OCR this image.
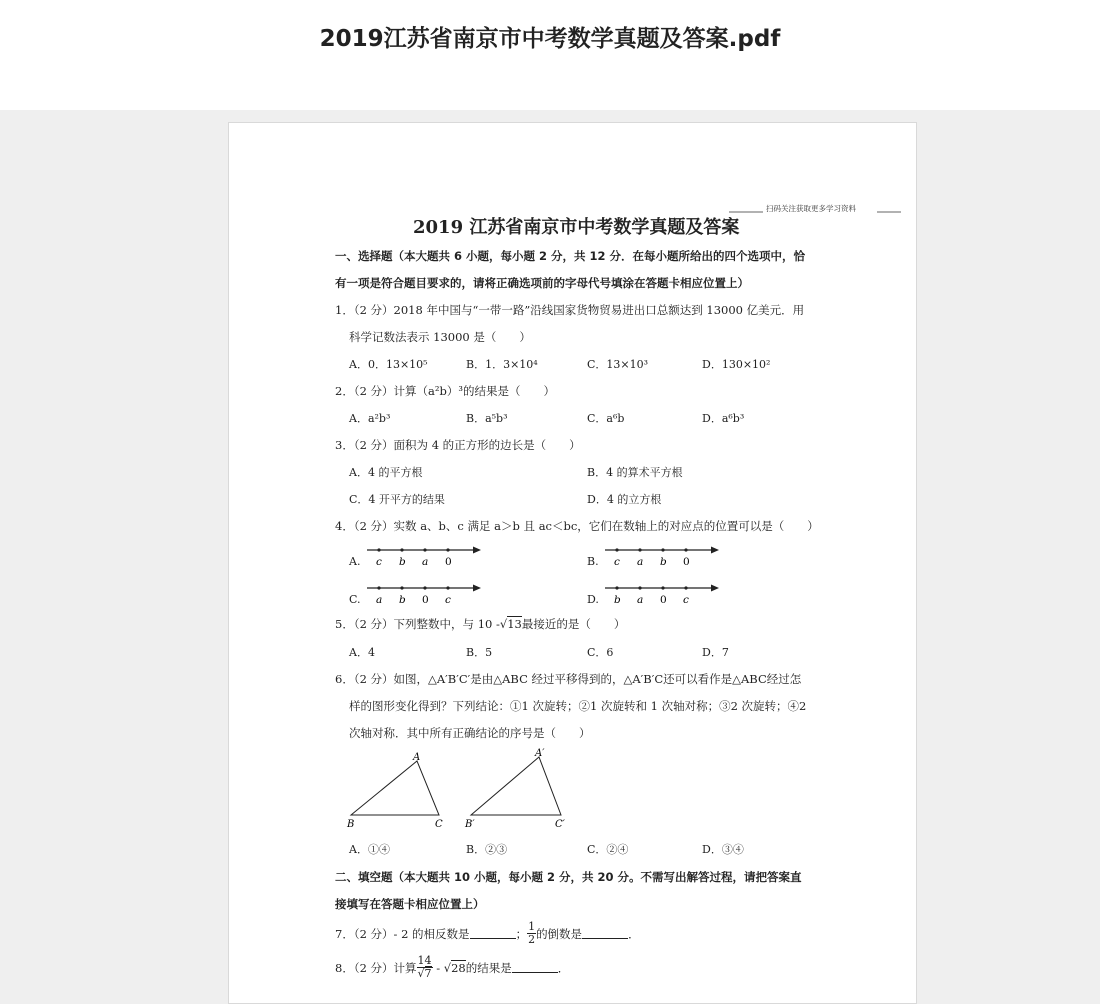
2019江苏省南京市中考数学真题及答案.pdf
扫码关注获取更多学习资料
2019 江苏省南京市中考数学真题及答案
一、选择题（本大题共 6 小题，每小题 2 分，共 12 分．在每小题所给出的四个选项中，恰
有一项是符合题目要求的，请将正确选项前的字母代号填涂在答题卡相应位置上）
1．（2 分）2018 年中国与“一带一路”沿线国家货物贸易进出口总额达到 13000 亿美元．用
科学记数法表示 13000 是（　　）
A．0．13×10⁵	B．1．3×10⁴	C．13×10³	D．130×10²
2．（2 分）计算（a²b）³的结果是（　　）
A．a²b³	B．a⁵b³	C．a⁶b	D．a⁶b³
3．（2 分）面积为 4 的正方形的边长是（　　）
A．4 的平方根	B．4 的算术平方根
C．4 开平方的结果	D．4 的立方根
4．（2 分）实数 a、b、c 满足 a＞b 且 ac＜bc，它们在数轴上的对应点的位置可以是（　　）
5．（2 分）下列整数中，与 10 -√13最接近的是（　　）
A．4	B．5	C．6	D．7
6．（2 分）如图，△A′B′C′是由△ABC 经过平移得到的，△A′B′C还可以看作是△ABC经过怎
样的图形变化得到？下列结论：①1 次旋转；②1 次旋转和 1 次轴对称；③2 次旋转；④2
次轴对称．其中所有正确结论的序号是（　　）
A
B	C
A′
B′	C′
A．①④	B．②③	C．②④	D．③④
二、填空题（本大题共 10 小题，每小题 2 分，共 20 分。不需写出解答过程，请把答案直
接填写在答题卡相应位置上）
7．（2 分）- 2 的相反数是	； $\frac{1}{2}$ 的倒数是	．
8．（2 分）计算 $\frac{14}{√7}$ - √ 28 的结果是	．
A. c b a 0	B. c a b 0
C. a b 0 c	D. b a 0 c
